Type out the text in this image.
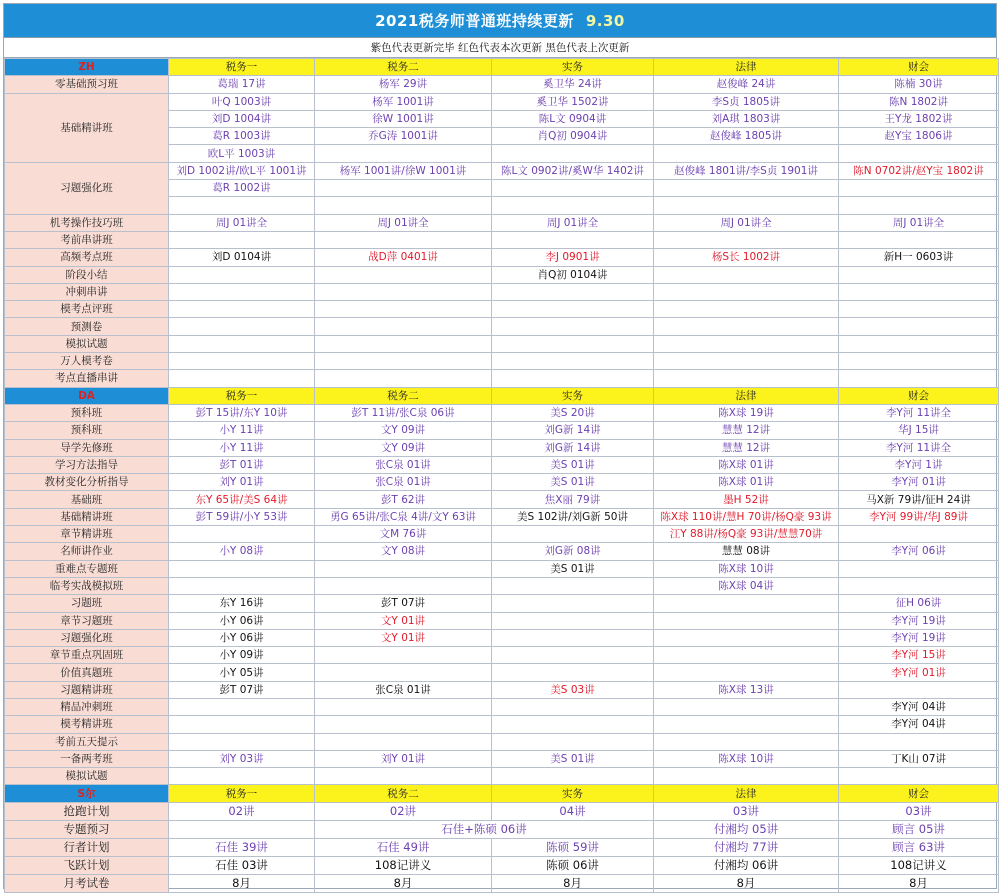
2021税务师普通班持续更新 9.30
紫色代表更新完毕 红色代表本次更新 黑色代表上次更新
ZH	税务一	税务二	实务	法律	财会
零基础预习班	葛瑞 17讲	杨军 29讲	奚卫华 24讲	赵俊峰 24讲	陈楠 30讲
基础精讲班	叶Q 1003讲	杨军 1001讲	奚卫华 1502讲	李S贞 1805讲	陈N 1802讲
	刘D 1004讲	徐W 1001讲	陈L文 0904讲	刘A琪 1803讲	王Y龙 1802讲
	葛R 1003讲	乔G涛 1001讲	肖Q初 0904讲	赵俊峰 1805讲	赵Y宝 1806讲
	欧L平 1003讲				
习题强化班	刘D 1002讲/欧L平 1001讲	杨军 1001讲/徐W 1001讲	陈L文 0902讲/奚W华 1402讲	赵俊峰 1801讲/李S贞 1901讲	陈N 0702讲/赵Y宝 1802讲
	葛R 1002讲				

机考操作技巧班	周J 01讲全	周J 01讲全	周J 01讲全	周J 01讲全	周J 01讲全
考前串讲班					
高频考点班	刘D 0104讲	战D萍 0401讲	李J 0901讲	杨S长 1002讲	新H一 0603讲
阶段小结			肖Q初 0104讲		
冲刺串讲					
模考点评班					
预测卷					
模拟试题					
万人模考卷					
考点直播串讲					
DA	税务一	税务二	实务	法律	财会
预科班	彭T 15讲/东Y 10讲	彭T 11讲/张C泉 06讲	美S 20讲	陈X球 19讲	李Y河 11讲全
预科班	小Y 11讲	文Y 09讲	刘G新 14讲	慧慧 12讲	华J 15讲
导学先修班	小Y 11讲	文Y 09讲	刘G新 14讲	慧慧 12讲	李Y河 11讲全
学习方法指导	彭T 01讲	张C泉 01讲	美S 01讲	陈X球 01讲	李Y河 1讲
教材变化分析指导	刘Y 01讲	张C泉 01讲	美S 01讲	陈X球 01讲	李Y河 01讲
基础班	东Y 65讲/美S 64讲	彭T 62讲	焦X丽 79讲	墨H 52讲	马X新 79讲/征H 24讲
基础精讲班	彭T 59讲/小Y 53讲	勇G 65讲/张C泉 4讲/文Y 63讲	美S 102讲/刘G新 50讲	陈X球 110讲/慧H 70讲/杨Q豪 93讲	李Y河 99讲/华J 89讲
章节精讲班		文M 76讲		江Y 88讲/杨Q豪 93讲/慧慧70讲	
名师讲作业	小Y 08讲	文Y 08讲	刘G新 08讲	慧慧 08讲	李Y河 06讲
重难点专题班			美S 01讲	陈X球 10讲	
临考实战模拟班				陈X球 04讲	
习题班	东Y 16讲	彭T 07讲			征H 06讲
章节习题班	小Y 06讲	文Y 01讲			李Y河 19讲
习题强化班	小Y 06讲	文Y 01讲			李Y河 19讲
章节重点巩固班	小Y 09讲				李Y河 15讲
价值真题班	小Y 05讲				李Y河 01讲
习题精讲班	彭T 07讲	张C泉 01讲	美S 03讲	陈X球 13讲	
精品冲刺班					李Y河 04讲
模考精讲班					李Y河 04讲
考前五天提示					
一备两考班	刘Y 03讲	刘Y 01讲	美S 01讲	陈X球 10讲	丁K山 07讲
模拟试题					
S尔	税务一	税务二	实务	法律	财会
抢跑计划	02讲	02讲	04讲	03讲	03讲
专题预习		石佳+陈硕 06讲		付湘均 05讲	顾言 05讲
行者计划	石佳 39讲	石佳 49讲	陈硕 59讲	付湘均 77讲	顾言 63讲
飞跃计划	石佳 03讲	108记讲义	陈硕 06讲	付湘均 06讲	108记讲义
月考试卷	8月	8月	8月	8月	8月
